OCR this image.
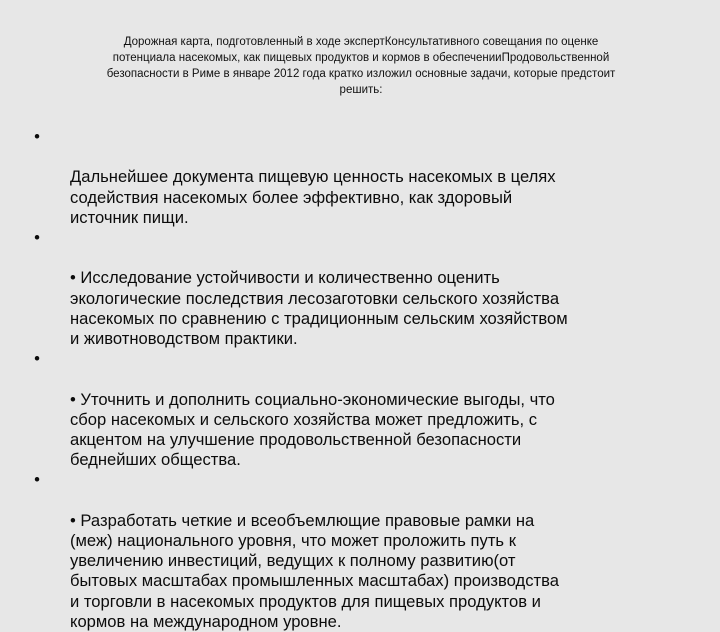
Дорожная карта, подготовленный в ходе экспертКонсультативного совещания по оценке
потенциала насекомых, как пищевых продуктов и кормов в обеспеченииПродовольственной
безопасности в Риме в январе 2012 года кратко изложил основные задачи, которые предстоит
решить:

•

Дальнейшее документа пищевую ценность насекомых в целях
содействия насекомых более эффективно, как здоровый
источник пищи.

•

• Исследование устойчивости и количественно оценить
экологические последствия лесозаготовки сельского хозяйства
насекомых по сравнению с традиционным сельским хозяйством
и животноводством практики.

•

• Уточнить и дополнить социально-экономические выгоды, что
сбор насекомых и сельского хозяйства может предложить, с
акцентом на улучшение продовольственной безопасности
беднейших общества.

•

• Разработать четкие и всеобъемлющие правовые рамки на
(меж) национального уровня, что может проложить путь к
увеличению инвестиций, ведущих к полному развитию(от
бытовых масштабах промышленных масштабах) производства
и торговли в насекомых продуктов для пищевых продуктов и
кормов на международном уровне.
